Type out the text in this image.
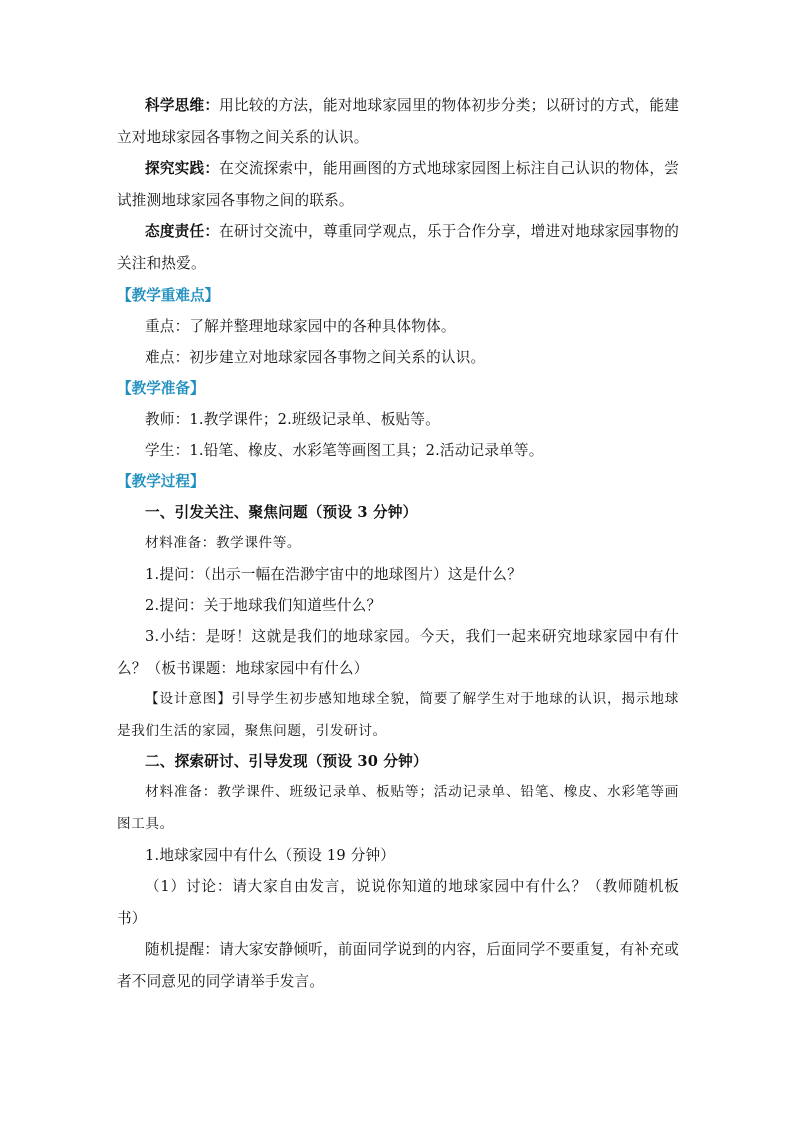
科学思维：用比较的方法，能对地球家园里的物体初步分类；以研讨的方式，能建立对地球家园各事物之间关系的认识。

探究实践：在交流探索中，能用画图的方式地球家园图上标注自己认识的物体，尝试推测地球家园各事物之间的联系。

态度责任：在研讨交流中，尊重同学观点，乐于合作分享，增进对地球家园事物的关注和热爱。

【教学重难点】

重点：了解并整理地球家园中的各种具体物体。

难点：初步建立对地球家园各事物之间关系的认识。

【教学准备】

教师：1.教学课件；2.班级记录单、板贴等。

学生：1.铅笔、橡皮、水彩笔等画图工具；2.活动记录单等。

【教学过程】

一、引发关注、聚焦问题（预设 3 分钟）

材料准备：教学课件等。

1.提问：（出示一幅在浩渺宇宙中的地球图片）这是什么？

2.提问：关于地球我们知道些什么？

3.小结：是呀！这就是我们的地球家园。今天，我们一起来研究地球家园中有什么？（板书课题：地球家园中有什么）

【设计意图】引导学生初步感知地球全貌，简要了解学生对于地球的认识，揭示地球是我们生活的家园，聚焦问题，引发研讨。

二、探索研讨、引导发现（预设 30 分钟）

材料准备：教学课件、班级记录单、板贴等；活动记录单、铅笔、橡皮、水彩笔等画图工具。

1.地球家园中有什么（预设 19 分钟）

（1）讨论：请大家自由发言，说说你知道的地球家园中有什么？（教师随机板书）

随机提醒：请大家安静倾听，前面同学说到的内容，后面同学不要重复，有补充或者不同意见的同学请举手发言。
